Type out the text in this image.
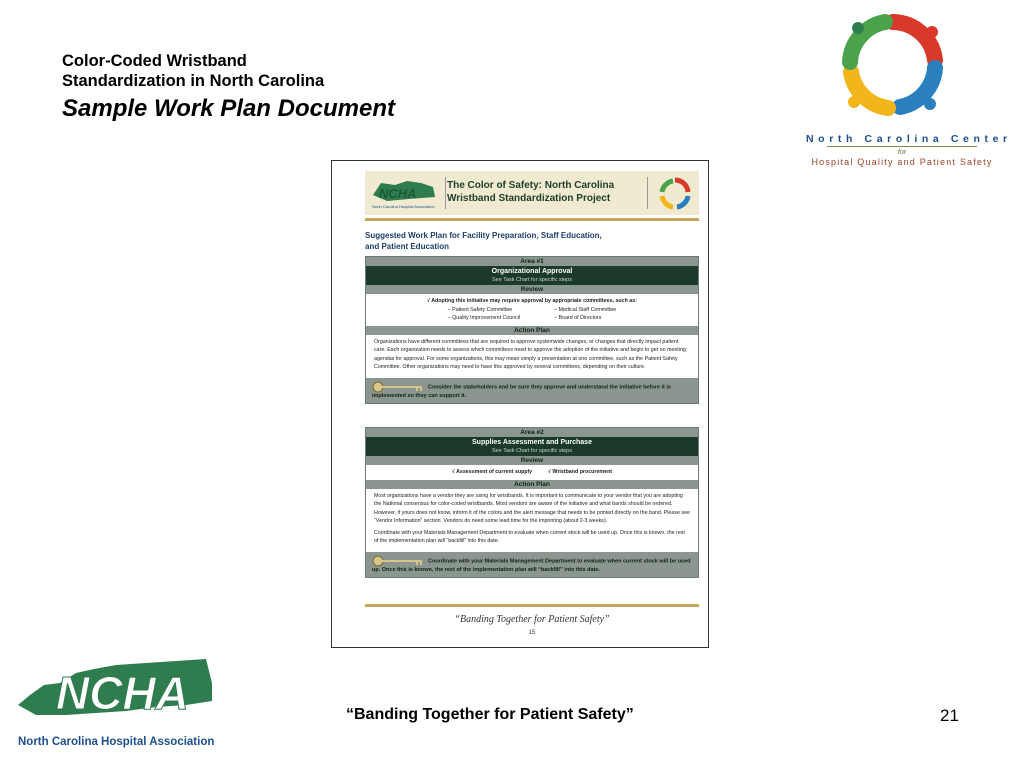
Color-Coded Wristband
Standardization in North Carolina
Sample Work Plan Document
North Carolina Center
for
Hospital Quality and Patient Safety
NCHA
North Carolina Hospital Association
The Color of Safety: North Carolina Wristband Standardization Project
Suggested Work Plan for Facility Preparation, Staff Education,
and Patient Education
Area #1
Organizational Approval
See Task Chart for specific steps
Review
√ Adopting this initiative may require approval by appropriate committees, such as:
– Patient Safety Committee
– Quality Improvement Council
– Medical Staff Committee
– Board of Directors
Action Plan

Organizations have different committees that are required to approve systemwide changes, or changes that directly impact patient care. Each organization needs to assess which committees need to approve the adoption of the initiative and begin to get on meeting agendas for approval. For some organizations, this may mean simply a presentation at one committee, such as the Patient Safety Committee. Other organizations may need to have this approved by several committees, depending on their culture.

Consider the stakeholders and be sure they approve and understand the initiative before it is implemented so they can support it.
Area #2
Supplies Assessment and Purchase
See Task Chart for specific steps
Review
√ Assessment of current supply	√ Wristband procurement
Action Plan

Most organizations have a vendor they are using for wristbands. It is important to communicate to your vendor that you are adopting the National consensus for color-coded wristbands. Most vendors are aware of the initiative and what bands should be ordered. However, if yours does not know, inform it of the colors and the alert message that needs to be printed directly on the band. Please see “Vendor Information” section. Vendors do need some lead time for the imprinting (about 2-3 weeks).

Coordinate with your Materials Management Department to evaluate when current stock will be used up. Once this is known, the rest of the implementation plan will “backfill” into this date.

Coordinate with your Materials Management Department to evaluate when current stock will be used up. Once this is known, the rest of the implementation plan will “backfill” into this date.
“Banding Together for Patient Safety”
15
NCHA
North Carolina Hospital Association
“Banding Together for Patient Safety”	21
